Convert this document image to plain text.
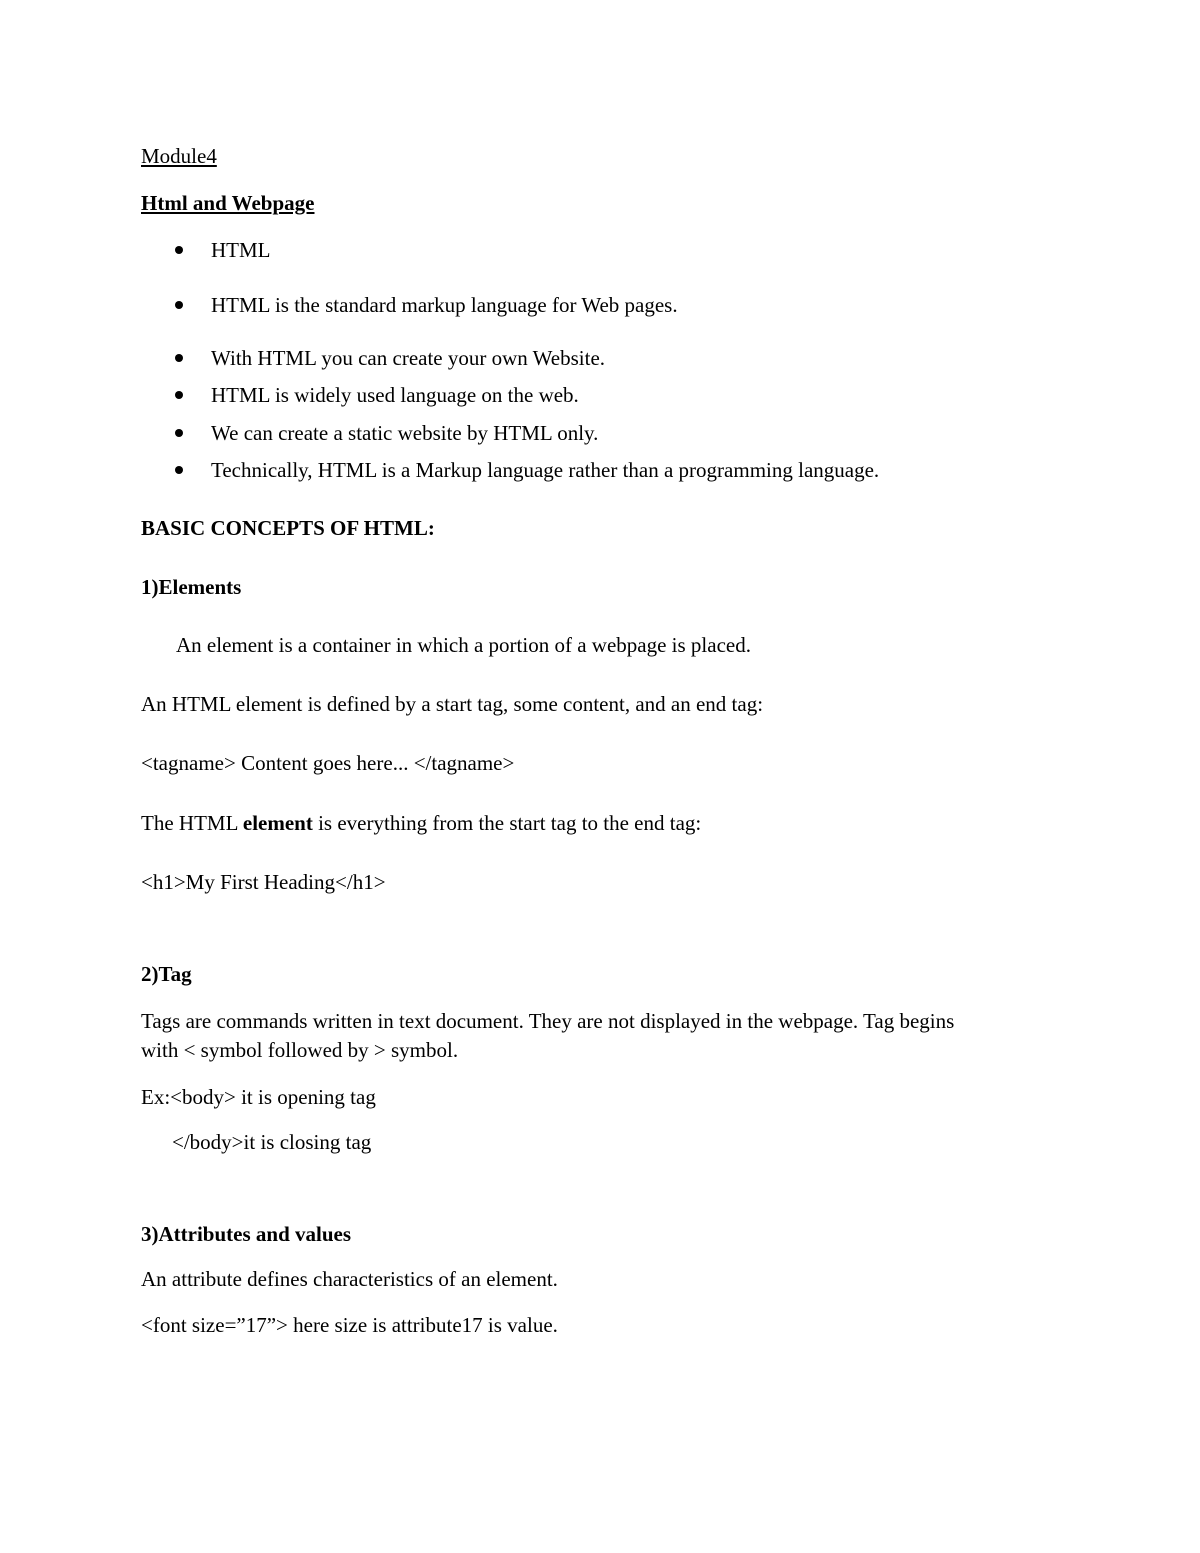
Module4
Html and Webpage
HTML
HTML is the standard markup language for Web pages.
With HTML you can create your own Website.
HTML is widely used language on the web.
We can create a static website by HTML only.
Technically, HTML is a Markup language rather than a programming language.
BASIC CONCEPTS OF HTML:
1)Elements
An element is a container in which a portion of a webpage is placed.
An HTML element is defined by a start tag, some content, and an end tag:
<tagname> Content goes here... </tagname>
The HTML element is everything from the start tag to the end tag:
<h1>My First Heading</h1>
2)Tag
Tags are commands written in text document. They are not displayed in the webpage. Tag begins
with < symbol followed by > symbol.
Ex:<body> it is opening tag
</body>it is closing tag
3)Attributes and values
An attribute defines characteristics of an element.
<font size=”17”> here size is attribute17 is value.
